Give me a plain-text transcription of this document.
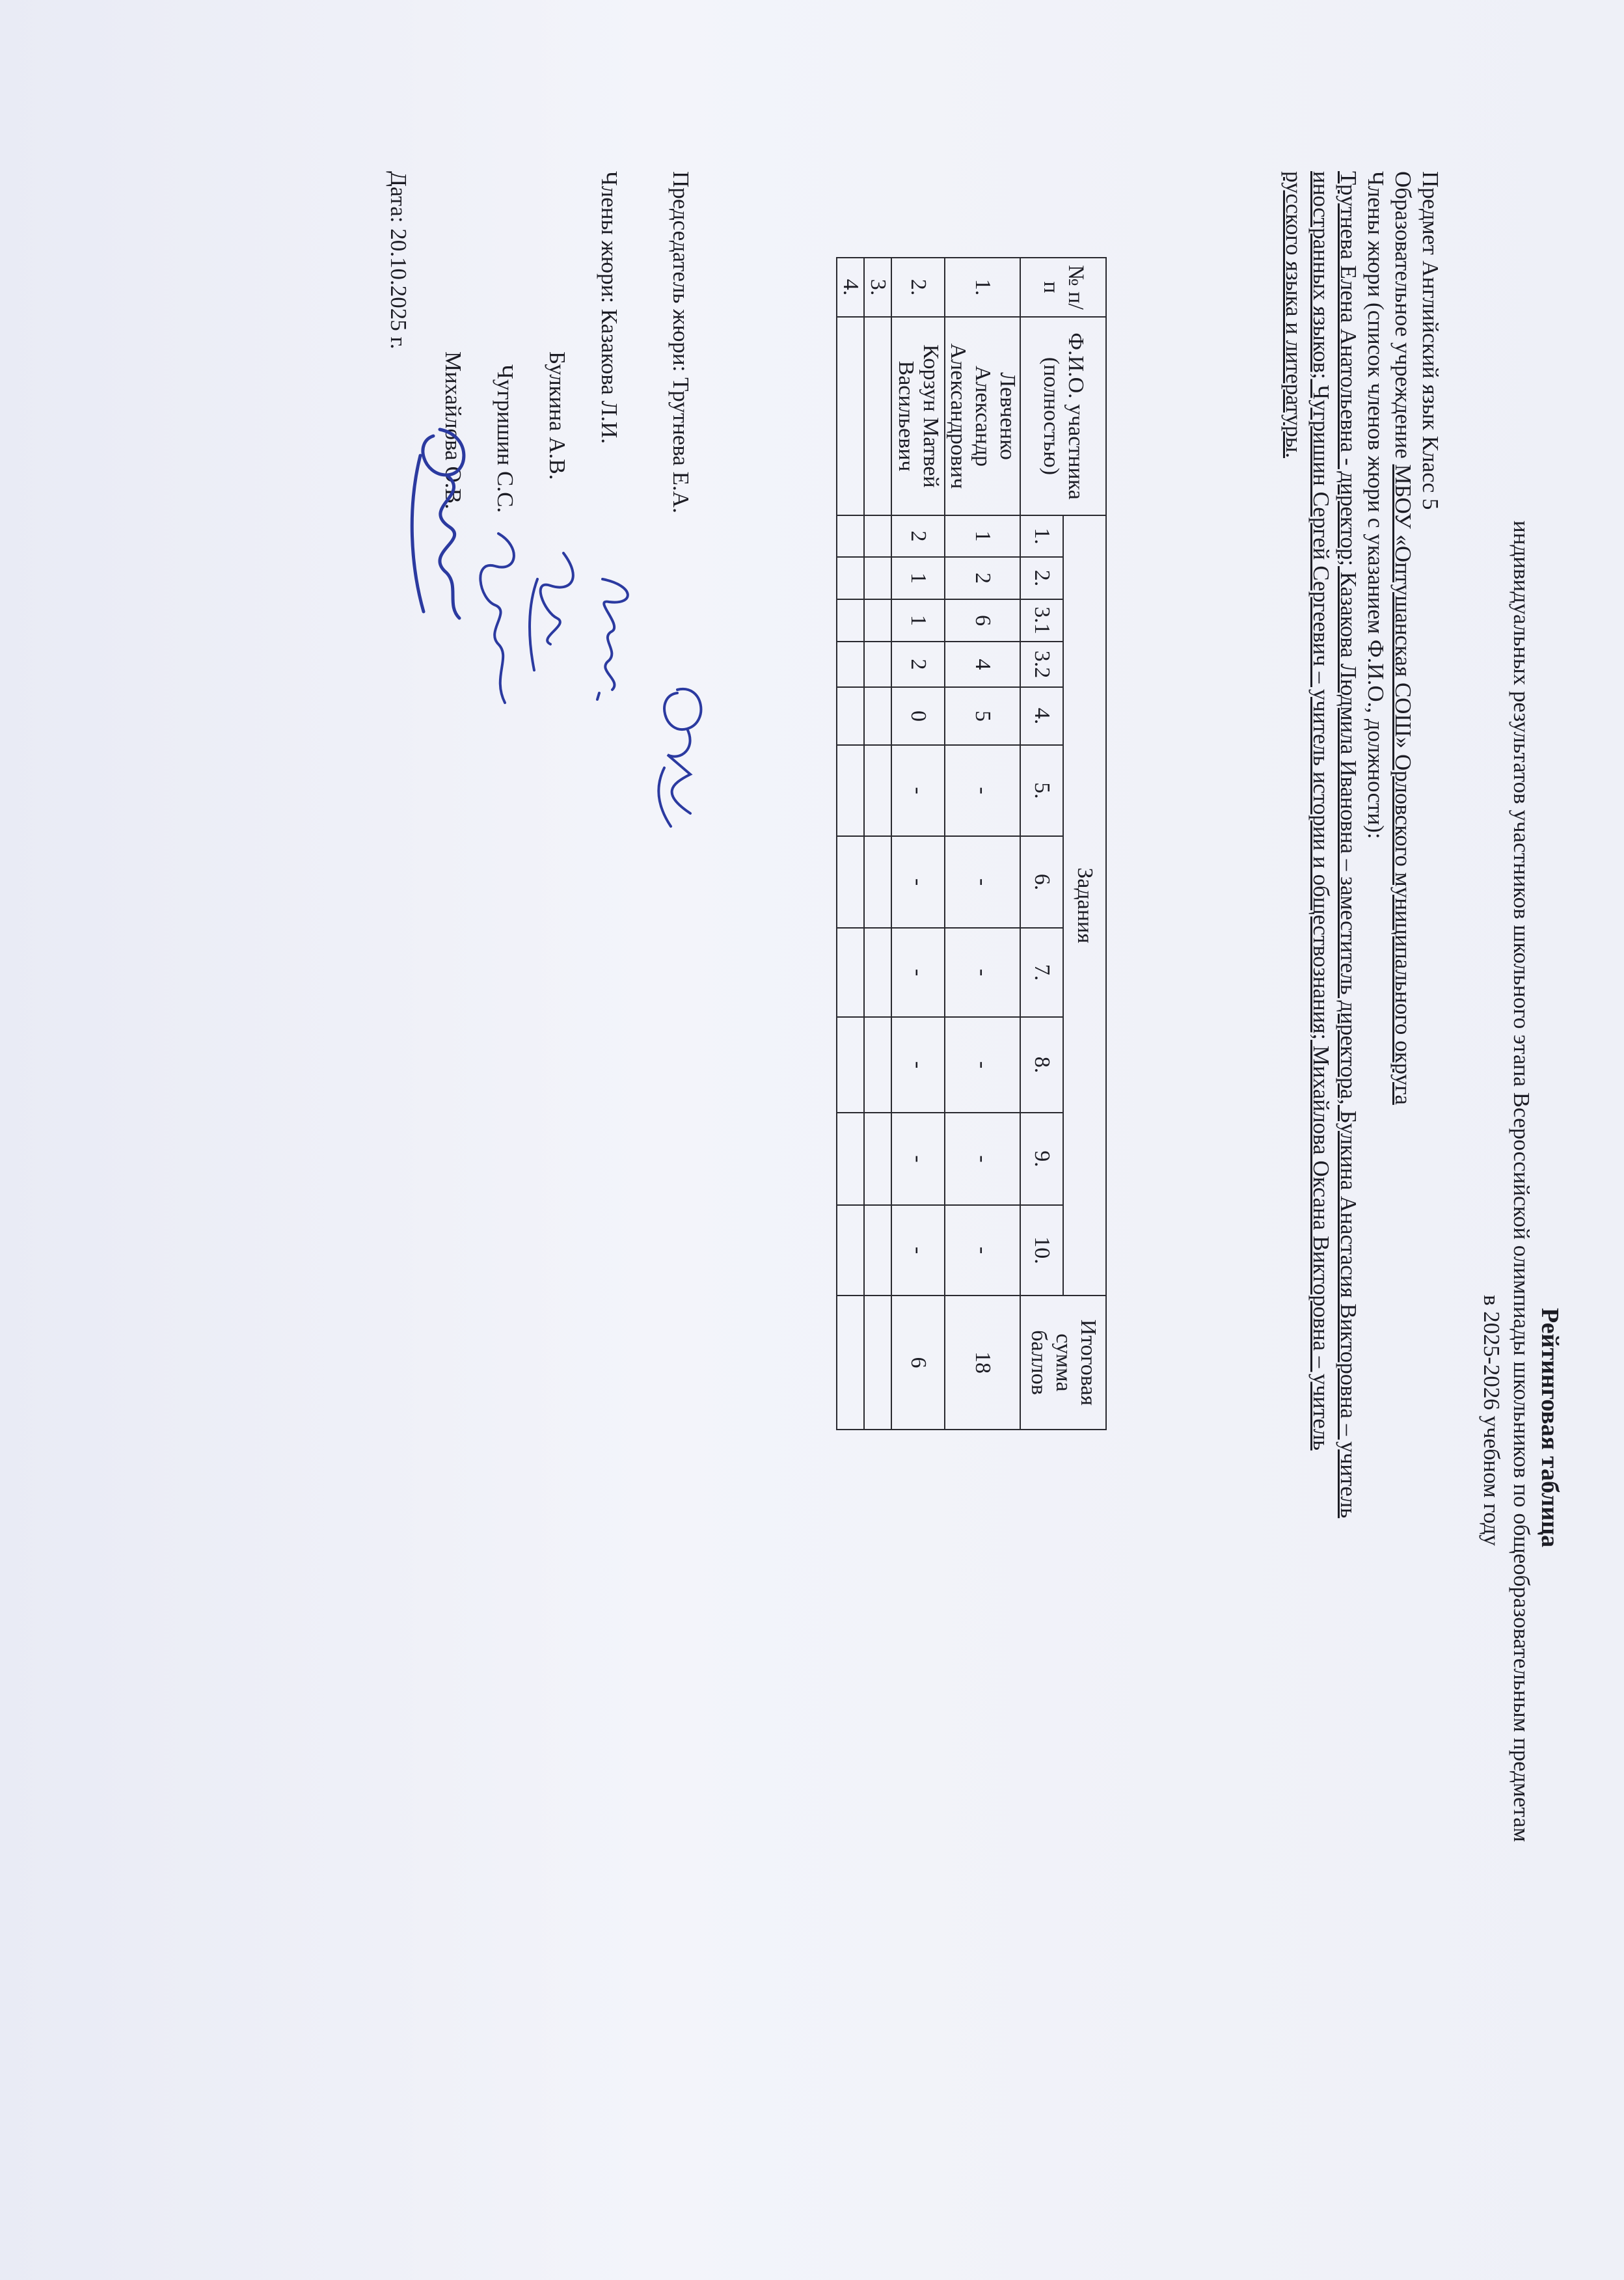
Рейтинговая таблица
индивидуальных результатов участников школьного этапа Всероссийской олимпиады школьников по общеобразовательным предметам
в 2025-2026 учебном году
Предмет Английский язык Класс 5
Образовательное учреждение МБОУ «Оптушанская СОШ» Орловского муниципального округа
Члены жюри (список членов жюри с указанием Ф.И.О., должности):
Трутнева Елена Анатольевна - директор; Казакова Людмила Ивановна – заместитель директора, Булкина Анастасия Викторовна – учитель
иностранных языков; Чугришин Сергей Сергеевич – учитель истории и обществознания; Михайлова Оксана Викторовна – учитель
русского языка и литературы.
№ п/п	Ф.И.О. участника (полностью)	Задания											Итоговая сумма баллов
		1.	2.	3.1	3.2	4.	5.	6.	7.	8.	9.	10.	
1.	Левченко Александр Александрович	1	2	6	4	5	-	-	-	-	-	-	18
2.	Корзун Матвей Васильевич	2	1	1	2	0	-	-	-	-	-	-	6
3.													
4.													
Председатель жюри: Трутнева Е.А.
Члены жюри: Казакова Л.И.
Булкина А.В.
Чугришин С.С.
Михайлова О.В.
Дата: 20.10.2025 г.
